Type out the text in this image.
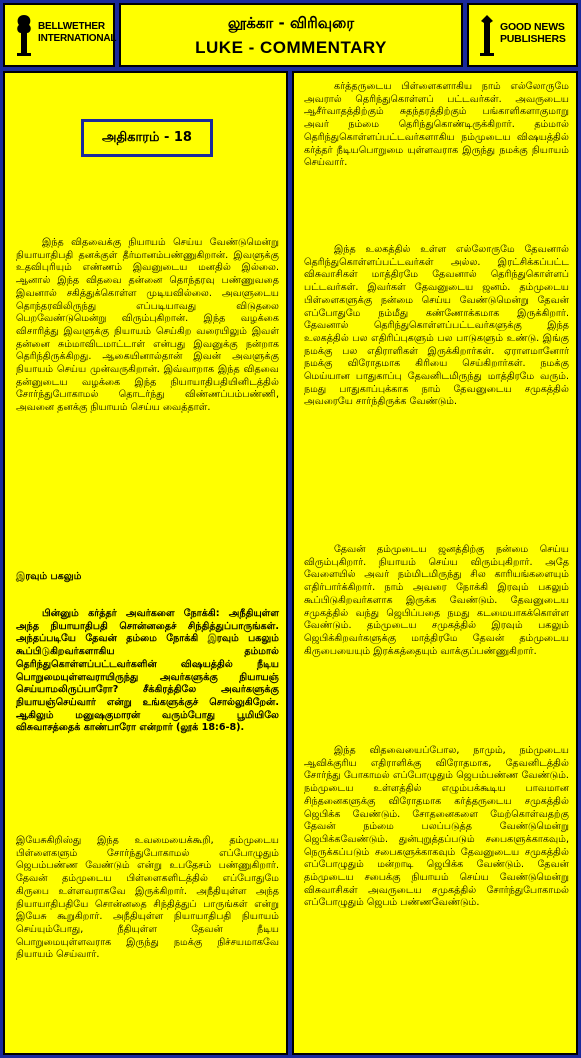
BELLWETHER
INTERNATIONAL
லூக்கா - விரிவுரை
LUKE - COMMENTARY
GOOD NEWS
PUBLISHERS
அதிகாரம் - 18

இந்த விதவைக்கு நியாயம் செய்ய வேண்டுமென்று நியாயாதிபதி தனக்குள் தீர்மானம்பண்ணுகிறான். இவளுக்கு உதவிபுரியும் எண்ணம் இவனுடைய மனதில் இல்லை. ஆனால் இந்த விதவை தன்னை தொந்தரவு பண்ணுவதை இவனால் சகித்துக்கொள்ள முடியவில்லை. அவளுடைய தொந்தரவிலிருந்து எப்படியாவது விடுதலை பெறவேண்டுமென்று விரும்புகிறான். இந்த வழக்கை விசாரித்து இவளுக்கு நியாயம் செய்கிற வரையிலும் இவள் தன்னை சும்மாவிடமாட்டாள் என்பது இவனுக்கு நன்றாக தெரிந்திருக்கிறது. ஆகையினால்தான் இவன் அவளுக்கு நியாயம் செய்ய முன்வருகிறான். இவ்வாறாக இந்த விதவை தன்னுடைய வழக்கை இந்த நியாயாதிபதியினிடத்தில் சோர்ந்துபோகாமல் தொடர்ந்து விண்ணப்பம்பண்ணி, அவனை தனக்கு நியாயம் செய்ய வைத்தாள்.

இரவும் பகலும்

பின்னும் கர்த்தர் அவர்களை நோக்கி: அநீதியுள்ள அந்த நியாயாதிபதி சொன்னதைச் சிந்தித்துப்பாருங்கள். அந்தப்படியே தேவன் தம்மை நோக்கி இரவும் பகலும் கூப்பிடுகிறவர்களாகிய தம்மால் தெரிந்துகொள்ளப்பட்டவர்களின் விஷயத்தில் நீடிய பொறுமையுள்ளவராயிருந்து அவர்களுக்கு நியாயஞ் செய்யாமலிருப்பாரோ? சீக்கிரத்திலே அவர்களுக்கு நியாயஞ்செய்வார் என்று உங்களுக்குச் சொல்லுகிறேன். ஆகிலும் மனுஷகுமாரன் வரும்போது பூமியிலே விசுவாசத்தைக் காண்பாரோ என்றார் (லூக் 18:6-8).

இயேசுகிறிஸ்து இந்த உவமையைக்கூறி, தம்முடைய பிள்ளைகளும் சோர்ந்துபோகாமல் எப்போழுதும் ஜெபம்பண்ண வேண்டும் என்று உபதேசம் பண்ணுகிறார். தேவன் தம்முடைய பிள்ளைகளிடத்தில் எப்போதுமே கிருபை உள்ளவராகவே இருக்கிறார். அநீதியுள்ள அந்த நியாயாதிபதியே சொன்னதை சிந்தித்துப் பாருங்கள் என்று இயேசு கூறுகிறார். அநீதியுள்ள நியாயாதிபதி நியாயம் செய்யும்போது, நீதியுள்ள தேவன் நீடிய பொறுமையுள்ளவராக இருந்து நமக்கு நிச்சயமாகவே நியாயம் செய்வார்.

கர்த்தருடைய பிள்ளைகளாகிய நாம் எல்லோருமே அவரால் தெரிந்துகொள்ளப் பட்டவர்கள். அவருடைய ஆசீர்வாதத்திற்கும் சுதந்தரத்திற்கும் பங்காளிகளாகுமாறு அவர் நம்மை தெரிந்துகொண்டிருக்கிறார். தம்மால் தெரிந்துகொள்ளப்பட்டவர்களாகிய நம்முடைய விஷயத்தில் கர்த்தர் நீடியபொறுமை யுள்ளவராக இருந்து நமக்கு நியாயம் செய்வார்.

இந்த உலகத்தில் உள்ள எல்லோருமே தேவனால் தெரிந்துகொள்ளப்பட்டவர்கள் அல்ல. இரட்சிக்கப்பட்ட விசுவாசிகள் மாத்திரமே தேவனால் தெரிந்துகொள்ளப் பட்டவர்கள். இவர்கள் தேவனுடைய ஜனம். தம்முடைய பிள்ளைகளுக்கு நன்மை செய்ய வேண்டுமென்று தேவன் எப்போதுமே நம்மீது கண்ணோக்கமாக இருக்கிறார். தேவனால் தெரிந்துகொள்ளப்பட்டவர்களுக்கு இந்த உலகத்தில் பல எதிரிப்புகளும் பல பாடுகளும் உண்டு. இங்கு நமக்கு பல எதிராளிகள் இருக்கிறார்கள். ஏராளமானோர் நமக்கு விரோதமாக கிரியை செய்கிறார்கள். நமக்கு மெய்யான பாதுகாப்பு தேவனிடமிருந்து மாத்திரமே வரும். நமது பாதுகாப்புக்காக நாம் தேவனுடைய சமுகத்தில் அவரையே சார்ந்திருக்க வேண்டும்.

தேவன் தம்முடைய ஜனத்திற்கு நன்மை செய்ய விரும்புகிறார். நியாயம் செய்ய விரும்புகிறார். அதே வேளையில் அவர் நம்மிடமிருந்து சில காரியங்களையும் எதிர்பார்க்கிறார். நாம் அவரை நோக்கி இரவும் பகலும் கூப்பிடுகிறவர்களாக இருக்க வேண்டும். தேவனுடைய சமுகத்தில் வந்து ஜெபிப்பதை நமது கடமையாகக்கொள்ள வேண்டும். தம்முடைய சமுகத்தில் இரவும் பகலும் ஜெபிக்கிறவர்களுக்கு மாத்திரமே தேவன் தம்முடைய கிருபையையும் இரக்கத்தையும் வாக்குப்பண்ணுகிறார்.

இந்த விதவையைப்போல, நாமும், நம்முடைய ஆவிக்குரிய எதிராளிக்கு விரோதமாக, தேவனிடத்தில் சோர்ந்து போகாமல் எப்போழுதும் ஜெபம்பண்ண வேண்டும். நம்முடைய உள்ளத்தில் எழும்பக்கூடிய பாவமான சிந்தனைகளுக்கு விரோதமாக கர்த்தருடைய சமுகத்தில் ஜெபிக்க வேண்டும். சோதனைகளை மேற்கொள்வதற்கு தேவன் நம்மை பலப்படுத்த வேண்டுமென்று ஜெபிக்கவேண்டும். துன்புறுத்தப்படும் சபைகளுக்காகவும், நெருக்கப்படும் சபைகளுக்காகவும் தேவனுடைய சமுகத்தில் எப்போழுதும் மன்றாடி ஜெபிக்க வேண்டும். தேவன் தம்முடைய சபைக்கு நியாயம் செய்ய வேண்டுமென்று விசுவாசிகள் அவருடைய சமுகத்தில் சோர்ந்துபோகாமல் எப்போழுதும் ஜெபம் பண்ணவேண்டும்.
